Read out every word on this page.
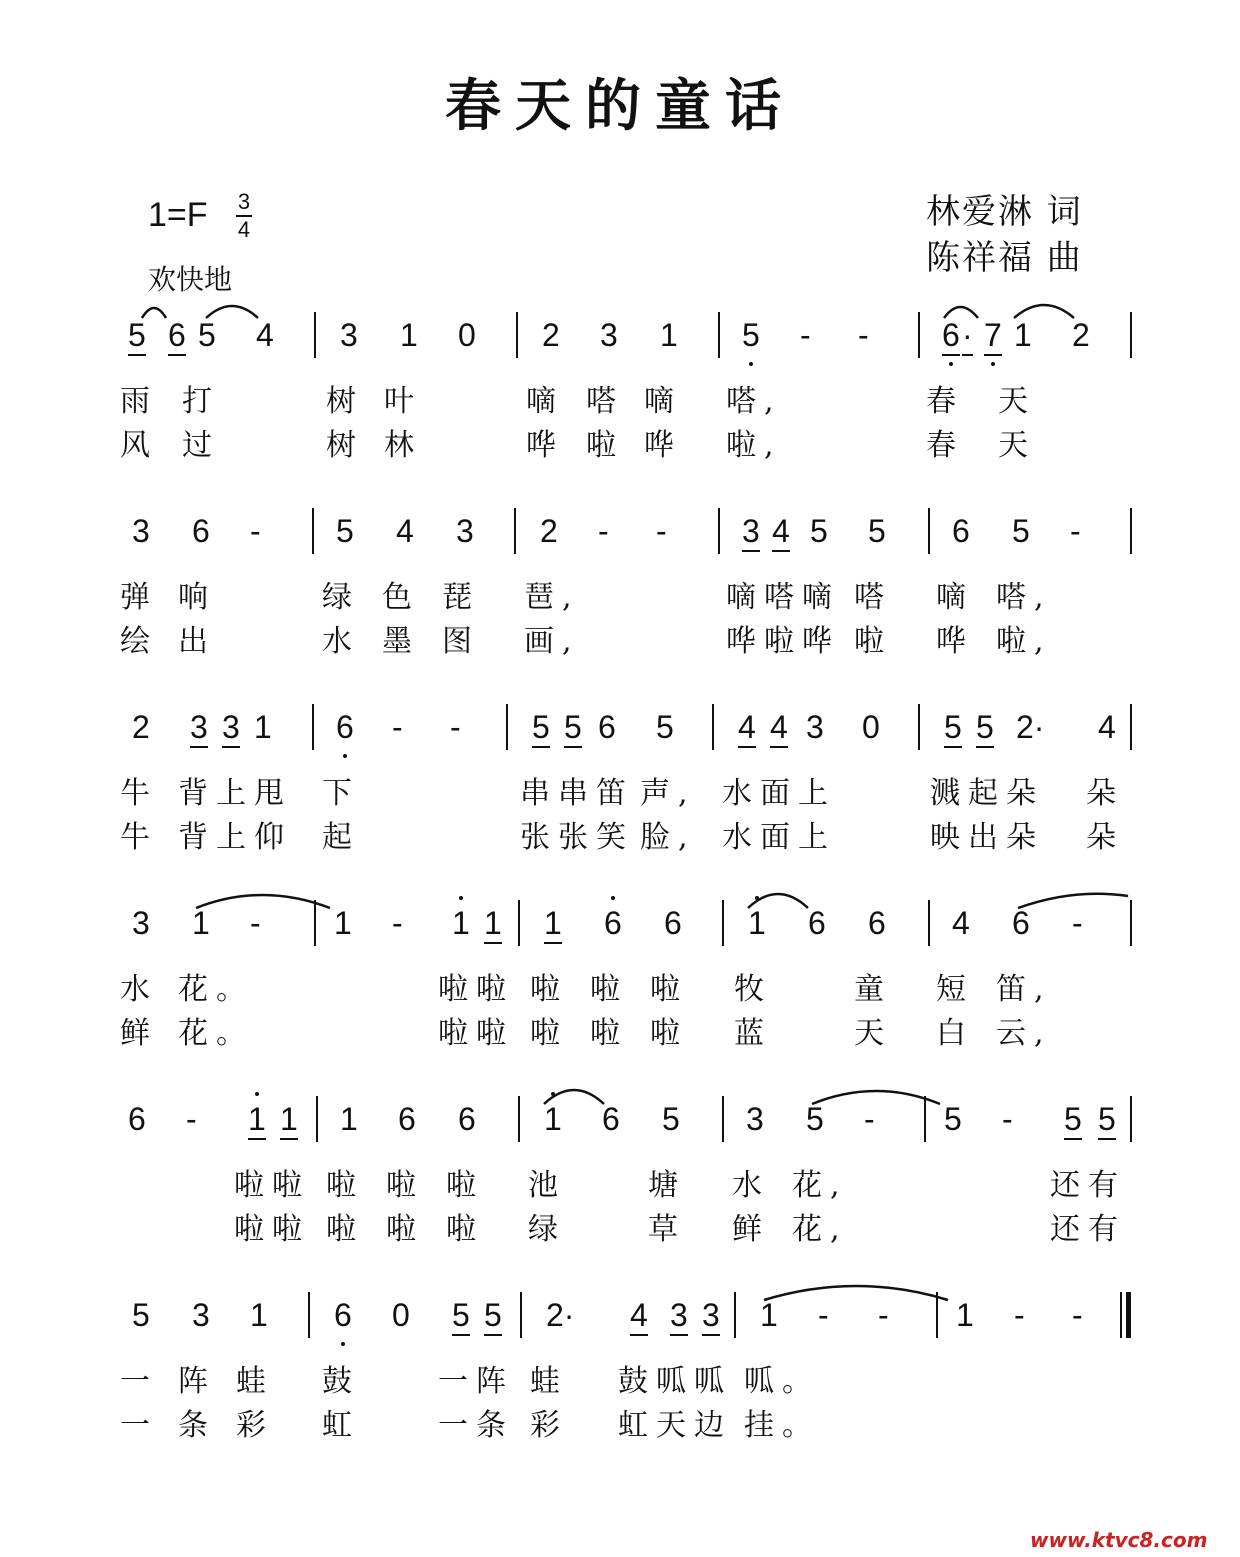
春天的童话
1=F 3
4
欢快地
林爱淋 词
陈祥福 曲
5 6 5 4 3 1 0 2 3 1 5 - - 6 · 7 1 2
雨 打	树 叶	嘀 嗒 嘀 嗒,	春 天
风 过	树 林	哗 啦 哗 啦,	春 天
3 6 - 5 4 3 2 - - 3 4 5 5 6 5 -
弹 响	绿 色 琵 琶,	嘀嗒嘀 嗒 嘀 嗒,
绘 出	水 墨 图 画,	哗啦哗 啦 哗 啦,
2 3 3 1 6 - - 5 5 6 5 4 4 3 0 5 5 2· 4
牛 背上甩 下	串串笛 声, 水面上	溅起朵 朵
牛 背上仰 起	张张笑 脸, 水面上	映出朵 朵
3 1 - 1 - 1 1 1 6 6 1 6 6 4 6 -
水 花。	啦啦 啦 啦 啦 牧	童 短 笛,
鲜 花。	啦啦 啦 啦 啦 蓝	天 白 云,
6 - 1 1 1 6 6 1 6 5 3 5 - 5 - 5 5
啦啦 啦 啦 啦 池	塘 水 花,	还有
啦啦 啦 啦 啦 绿	草 鲜 花,	还有
5 3 1 6 0 5 5 2· 4 3 3 1 - - 1 - -
一 阵 蛙 鼓	一阵 蛙 鼓呱呱 呱。
一 条 彩 虹	一条 彩 虹天边 挂。
www.ktvc8.com
